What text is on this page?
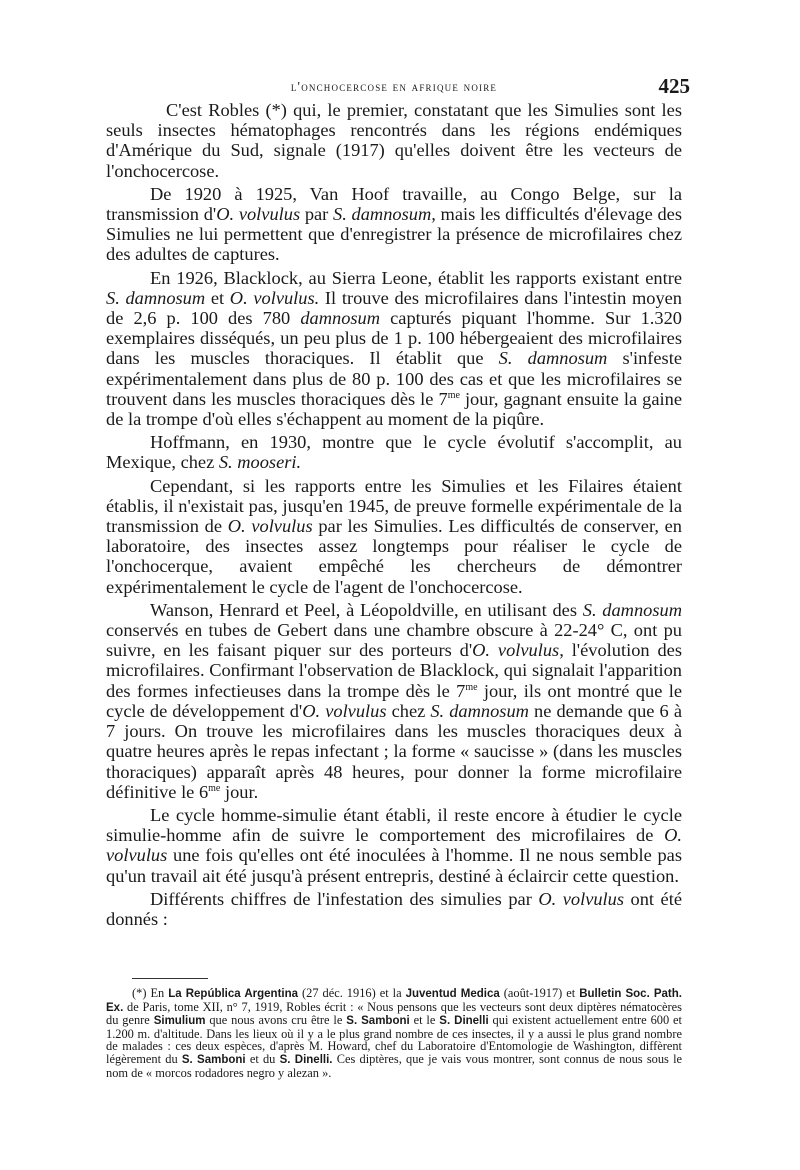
l'onchocercose en afrique noire	425

C'est Robles (*) qui, le premier, constatant que les Simulies sont les seuls insectes hématophages rencontrés dans les régions endémiques d'Amérique du Sud, signale (1917) qu'elles doivent être les vecteurs de l'onchocercose.

De 1920 à 1925, Van Hoof travaille, au Congo Belge, sur la transmission d'O. volvulus par S. damnosum, mais les difficultés d'élevage des Simulies ne lui permettent que d'enregistrer la présence de microfilaires chez des adultes de captures.

En 1926, Blacklock, au Sierra Leone, établit les rapports existant entre S. damnosum et O. volvulus. Il trouve des microfilaires dans l'intestin moyen de 2,6 p. 100 des 780 damnosum capturés piquant l'homme. Sur 1.320 exemplaires disséqués, un peu plus de 1 p. 100 hébergeaient des microfilaires dans les muscles thoraciques. Il établit que S. damnosum s'infeste expérimentalement dans plus de 80 p. 100 des cas et que les microfilaires se trouvent dans les muscles thoraciques dès le $7^{me}$ jour, gagnant ensuite la gaine de la trompe d'où elles s'échappent au moment de la piqûre.

Hoffmann, en 1930, montre que le cycle évolutif s'accomplit, au Mexique, chez S. mooseri.

Cependant, si les rapports entre les Simulies et les Filaires étaient établis, il n'existait pas, jusqu'en 1945, de preuve formelle expérimentale de la transmission de O. volvulus par les Simulies. Les difficultés de conserver, en laboratoire, des insectes assez longtemps pour réaliser le cycle de l'onchocerque, avaient empêché les chercheurs de démontrer expérimentalement le cycle de l'agent de l'onchocercose.

Wanson, Henrard et Peel, à Léopoldville, en utilisant des S. damnosum conservés en tubes de Gebert dans une chambre obscure à 22-24° C, ont pu suivre, en les faisant piquer sur des porteurs d'O. volvulus, l'évolution des microfilaires. Confirmant l'observation de Blacklock, qui signalait l'apparition des formes infectieuses dans la trompe dès le $7^{me}$ jour, ils ont montré que le cycle de développement d'O. volvulus chez S. damnosum ne demande que 6 à 7 jours. On trouve les microfilaires dans les muscles thoraciques deux à quatre heures après le repas infectant ; la forme « saucisse » (dans les muscles thoraciques) apparaît après 48 heures, pour donner la forme microfilaire définitive le $6^{me}$ jour.

Le cycle homme-simulie étant établi, il reste encore à étudier le cycle simulie-homme afin de suivre le comportement des microfilaires de O. volvulus une fois qu'elles ont été inoculées à l'homme. Il ne nous semble pas qu'un travail ait été jusqu'à présent entrepris, destiné à éclaircir cette question.

Différents chiffres de l'infestation des simulies par O. volvulus ont été donnés :

(*) En La República Argentina (27 déc. 1916) et la Juventud Medica (août-1917) et Bulletin Soc. Path. Ex. de Paris, tome XII, n° 7, 1919, Robles écrit : « Nous pensons que les vecteurs sont deux diptères nématocères du genre Simulium que nous avons cru être le S. Samboni et le S. Dinelli qui existent actuellement entre 600 et 1.200 m. d'altitude. Dans les lieux où il y a le plus grand nombre de ces insectes, il y a aussi le plus grand nombre de malades : ces deux espèces, d'après M. Howard, chef du Laboratoire d'Entomologie de Washington, diffèrent légèrement du S. Samboni et du S. Dinelli. Ces diptères, que je vais vous montrer, sont connus de nous sous le nom de « morcos rodadores negro y alezan ».
